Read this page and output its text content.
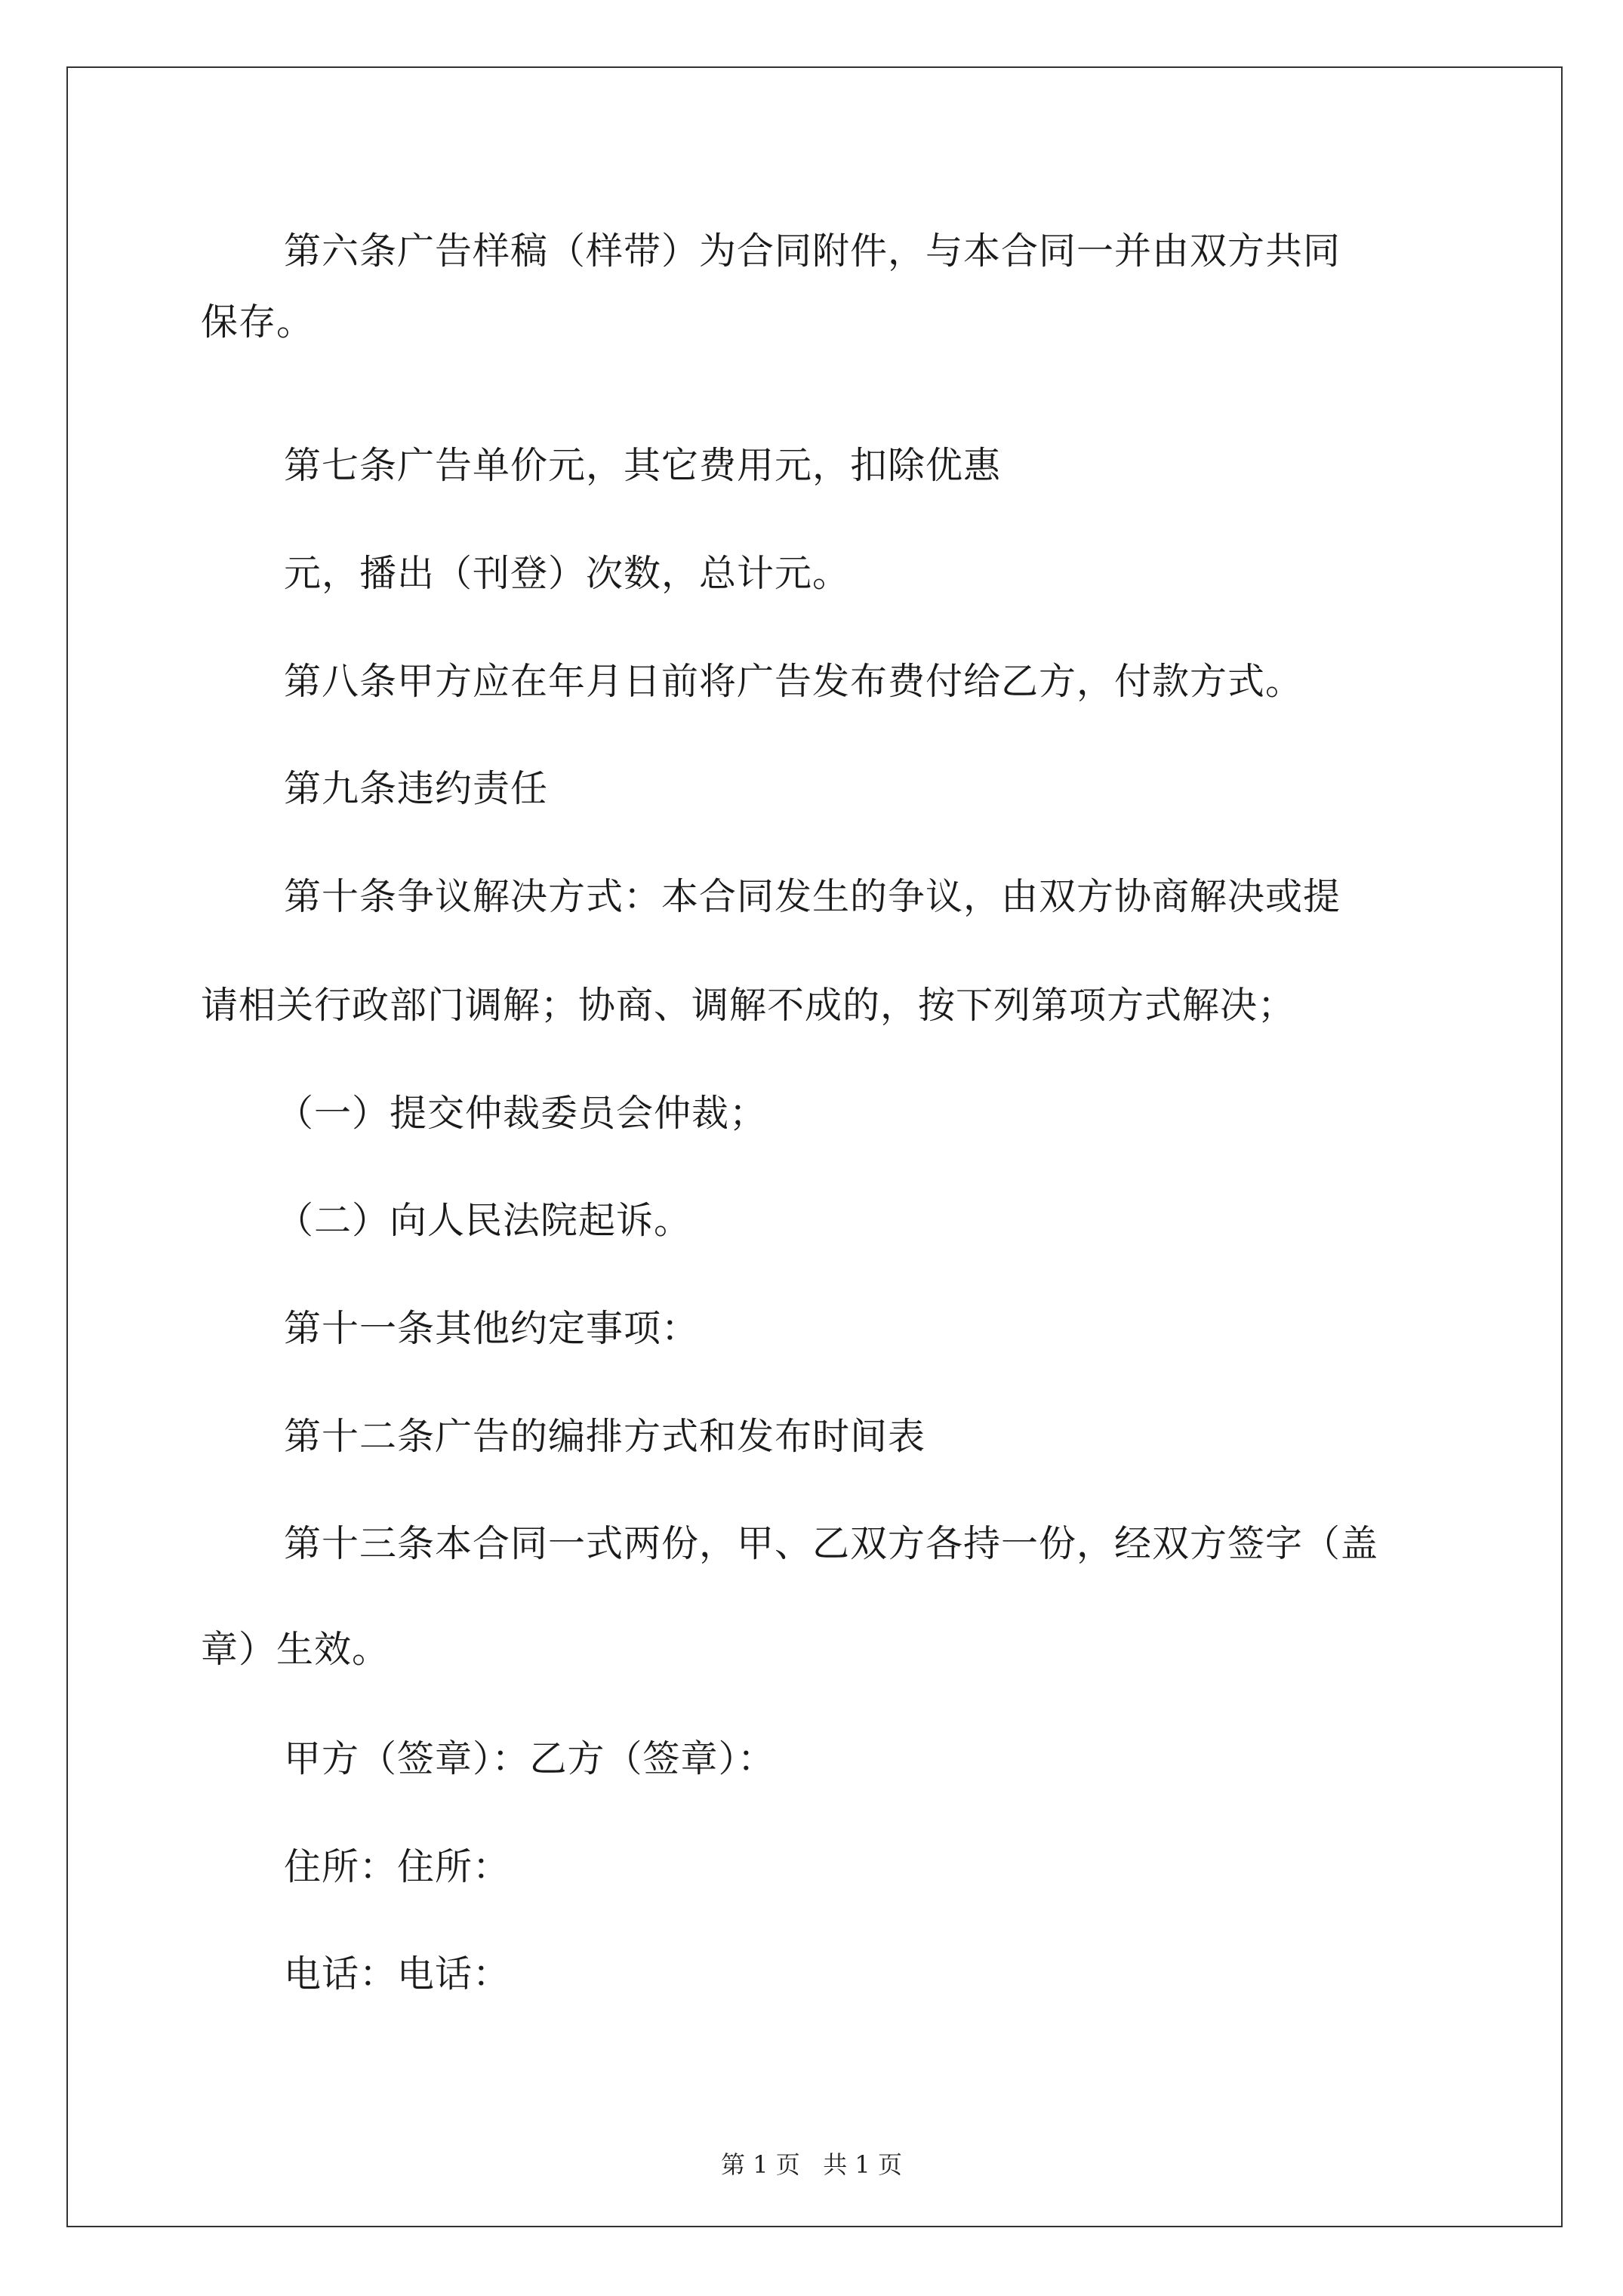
第六条广告样稿（样带）为合同附件，与本合同一并由双方共同
保存。
第七条广告单价元，其它费用元，扣除优惠
元，播出（刊登）次数，总计元。
第八条甲方应在年月日前将广告发布费付给乙方，付款方式。
第九条违约责任
第十条争议解决方式：本合同发生的争议，由双方协商解决或提
请相关行政部门调解；协商、调解不成的，按下列第项方式解决；
（一）提交仲裁委员会仲裁；
（二）向人民法院起诉。
第十一条其他约定事项：
第十二条广告的编排方式和发布时间表
第十三条本合同一式两份，甲、乙双方各持一份，经双方签字（盖
章）生效。
甲方（签章）：乙方（签章）：
住所：住所：
电话：电话：
第 1 页   共 1 页
